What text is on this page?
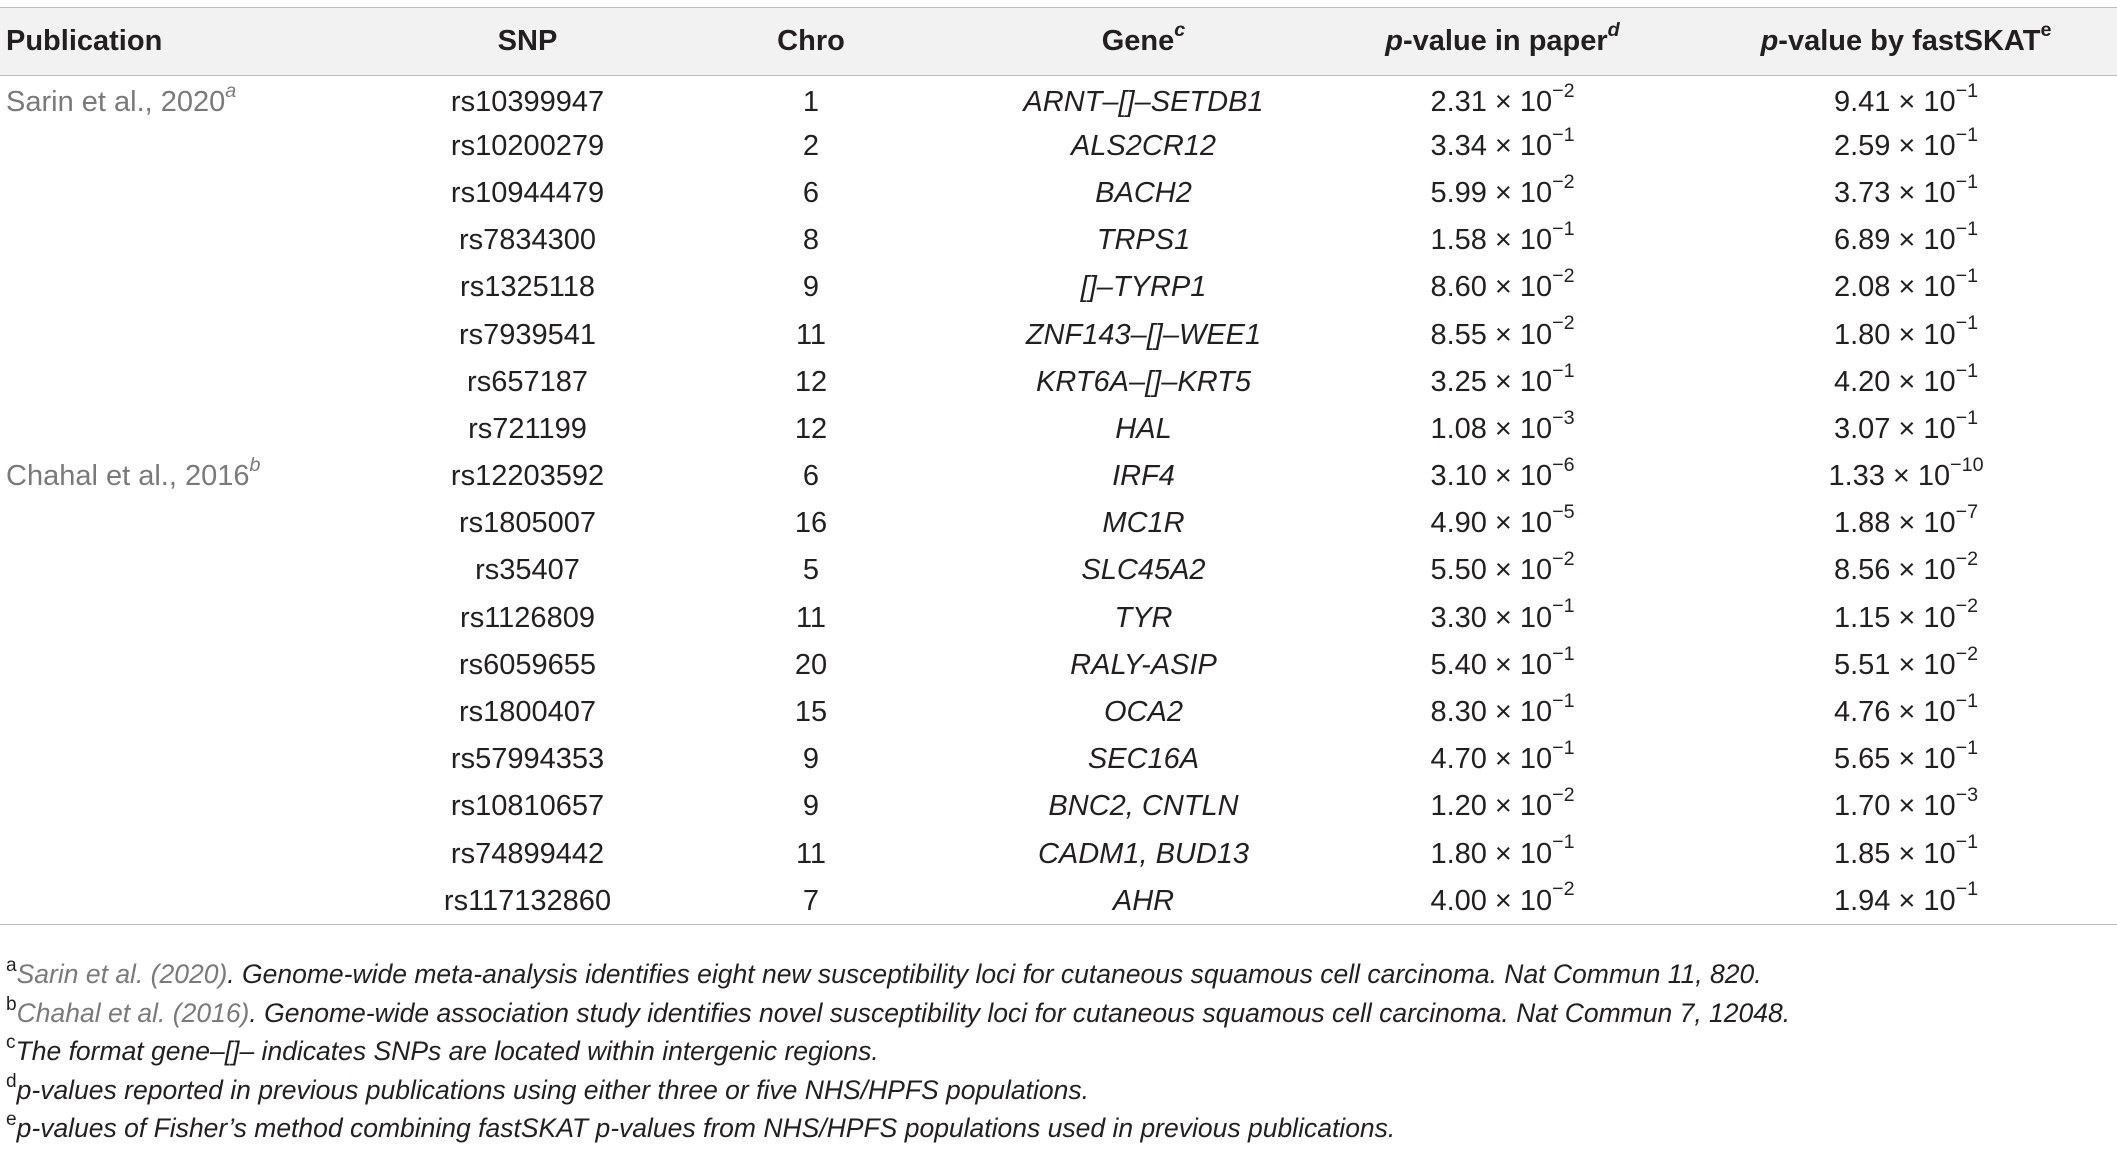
Publication	SNP	Chro	Gene$^c$	p-value in paper$^d$	p-value by fastSKAT$^e$
Sarin et al., 2020$^a$	rs10399947	1	ARNT–[]–SETDB1	$2.31 \times 10^{-2}$	$9.41 \times 10^{-1}$
	rs10200279	2	ALS2CR12	$3.34 \times 10^{-1}$	$2.59 \times 10^{-1}$
	rs10944479	6	BACH2	$5.99 \times 10^{-2}$	$3.73 \times 10^{-1}$
	rs7834300	8	TRPS1	$1.58 \times 10^{-1}$	$6.89 \times 10^{-1}$
	rs1325118	9	[]–TYRP1	$8.60 \times 10^{-2}$	$2.08 \times 10^{-1}$
	rs7939541	11	ZNF143–[]–WEE1	$8.55 \times 10^{-2}$	$1.80 \times 10^{-1}$
	rs657187	12	KRT6A–[]–KRT5	$3.25 \times 10^{-1}$	$4.20 \times 10^{-1}$
	rs721199	12	HAL	$1.08 \times 10^{-3}$	$3.07 \times 10^{-1}$
Chahal et al., 2016$^b$	rs12203592	6	IRF4	$3.10 \times 10^{-6}$	$1.33 \times 10^{-10}$
	rs1805007	16	MC1R	$4.90 \times 10^{-5}$	$1.88 \times 10^{-7}$
	rs35407	5	SLC45A2	$5.50 \times 10^{-2}$	$8.56 \times 10^{-2}$
	rs1126809	11	TYR	$3.30 \times 10^{-1}$	$1.15 \times 10^{-2}$
	rs6059655	20	RALY-ASIP	$5.40 \times 10^{-1}$	$5.51 \times 10^{-2}$
	rs1800407	15	OCA2	$8.30 \times 10^{-1}$	$4.76 \times 10^{-1}$
	rs57994353	9	SEC16A	$4.70 \times 10^{-1}$	$5.65 \times 10^{-1}$
	rs10810657	9	BNC2, CNTLN	$1.20 \times 10^{-2}$	$1.70 \times 10^{-3}$
	rs74899442	11	CADM1, BUD13	$1.80 \times 10^{-1}$	$1.85 \times 10^{-1}$
	rs117132860	7	AHR	$4.00 \times 10^{-2}$	$1.94 \times 10^{-1}$
$^a$Sarin et al. (2020). Genome-wide meta-analysis identifies eight new susceptibility loci for cutaneous squamous cell carcinoma. Nat Commun 11, 820.
$^b$Chahal et al. (2016). Genome-wide association study identifies novel susceptibility loci for cutaneous squamous cell carcinoma. Nat Commun 7, 12048.
$^c$The format gene–[]– indicates SNPs are located within intergenic regions.
$^d$p-values reported in previous publications using either three or five NHS/HPFS populations.
$^e$p-values of Fisher’s method combining fastSKAT p-values from NHS/HPFS populations used in previous publications.
